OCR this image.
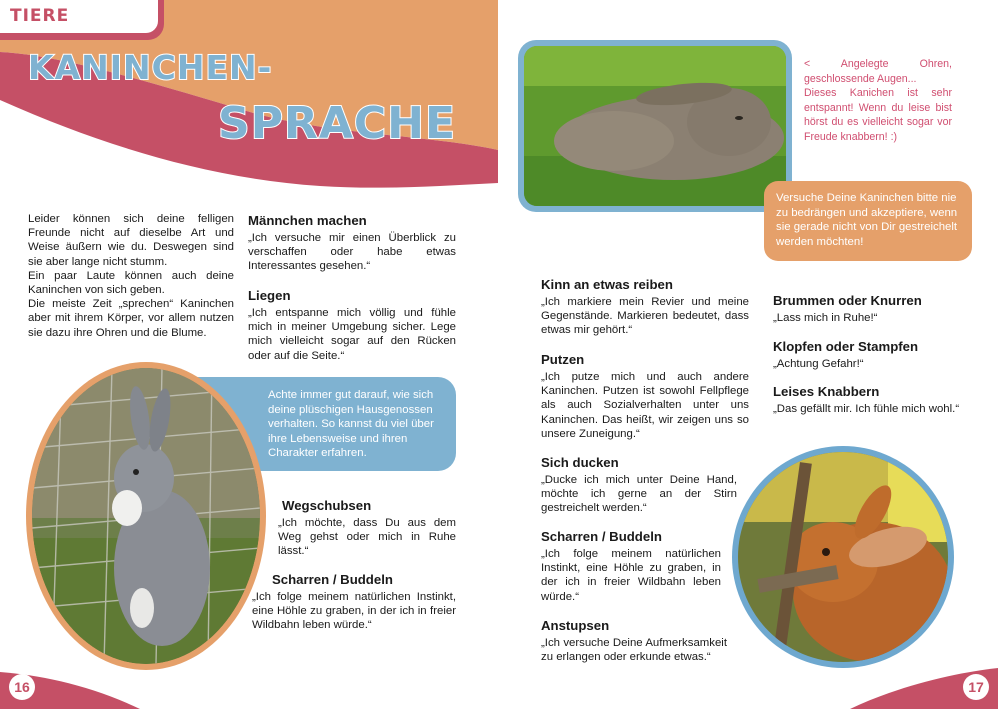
TIERE
KANINCHEN-
SPRACHE
Leider können sich deine felligen Freunde nicht auf dieselbe Art und Weise äußern wie du. Deswegen sind sie aber lange nicht stumm.
Ein paar Laute können auch deine Kaninchen von sich geben.
Die meiste Zeit „sprechen“ Kaninchen aber mit ihrem Körper, vor allem nutzen sie dazu ihre Ohren und die Blume.
Männchen machen

„Ich versuche mir einen Überblick zu verschaffen oder habe etwas Interessantes gesehen.“

Liegen

„Ich entspanne mich völlig und fühle mich in meiner Umgebung sicher. Lege mich vielleicht sogar auf den Rücken oder auf die Seite.“

Achte immer gut darauf, wie sich deine plüschigen Hausgenossen verhalten. So kannst du viel über ihre Lebensweise und ihren Charakter erfahren.
Wegschubsen

„Ich möchte, dass Du aus dem Weg gehst oder mich in Ruhe lässt.“

Scharren / Buddeln

„Ich folge meinem natürlichen Instinkt, eine Höhle zu graben, in der ich in freier Wildbahn leben würde.“

16
< Angelegte Ohren, geschlossende Augen...
Dieses Kanichen ist sehr entspannt! Wenn du leise bist hörst du es vielleicht sogar vor Freude knabbern! :)
Versuche Deine Kaninchen bitte nie zu bedrängen und akzeptiere, wenn sie gerade nicht von Dir gestreichelt werden möchten!
Kinn an etwas reiben

„Ich markiere mein Revier und meine Gegenstände. Markieren bedeutet, dass etwas mir gehört.“

Putzen

„Ich putze mich und auch andere Kaninchen. Putzen ist sowohl Fellpflege als auch Sozialverhalten unter uns Kaninchen. Das heißt, wir zeigen uns so unsere Zuneigung.“

Sich ducken

„Ducke ich mich unter Deine Hand, möchte ich gerne an der Stirn gestreichelt werden.“

Scharren / Buddeln

„Ich folge meinem natürlichen Instinkt, eine Höhle zu graben, in der ich in freier Wildbahn leben würde.“

Anstupsen

„Ich versuche Deine Aufmerksamkeit zu erlangen oder erkunde etwas.“

Brummen oder Knurren

„Lass mich in Ruhe!“

Klopfen oder Stampfen

„Achtung Gefahr!“

Leises Knabbern

„Das gefällt mir. Ich fühle mich wohl.“

17
